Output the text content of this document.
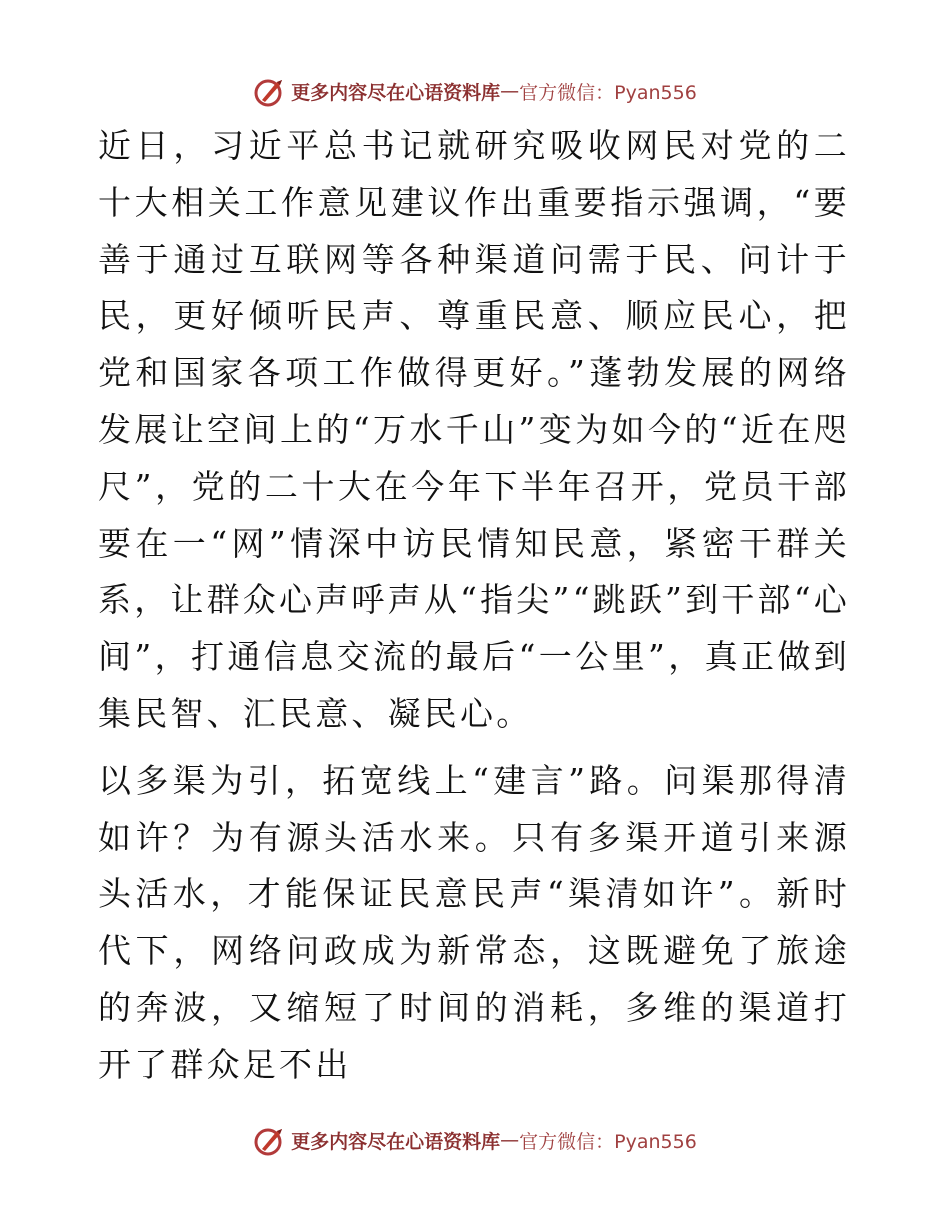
更多内容尽在心语资料库 — 官方微信：Pyan556

近日，习近平总书记就研究吸收网民对党的二十大相关工作意见建议作出重要指示强调，“要善于通过互联网等各种渠道问需于民、问计于民，更好倾听民声、尊重民意、顺应民心，把党和国家各项工作做得更好。”蓬勃发展的网络发展让空间上的“万水千山”变为如今的“近在咫尺”，党的二十大在今年下半年召开，党员干部要在一“网”情深中访民情知民意，紧密干群关系，让群众心声呼声从“指尖”“跳跃”到干部“心间”，打通信息交流的最后“一公里”，真正做到集民智、汇民意、凝民心。

以多渠为引，拓宽线上“建言”路。问渠那得清如许？为有源头活水来。只有多渠开道引来源头活水，才能保证民意民声“渠清如许”。新时代下，网络问政成为新常态，这既避免了旅途的奔波，又缩短了时间的消耗，多维的渠道打开了群众足不出

更多内容尽在心语资料库 — 官方微信：Pyan556
